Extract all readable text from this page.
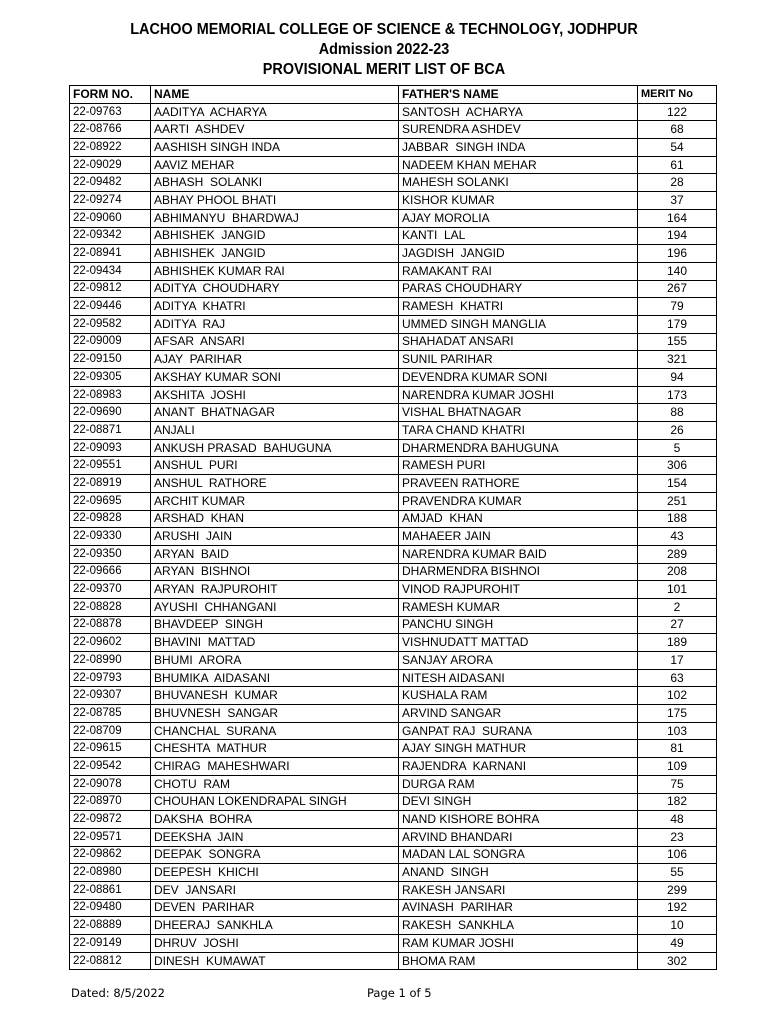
LACHOO MEMORIAL COLLEGE OF SCIENCE & TECHNOLOGY, JODHPUR
Admission 2022-23
PROVISIONAL MERIT LIST OF BCA
FORM NO.	NAME	FATHER'S NAME	MERIT No
22-09763	AADITYA  ACHARYA	SANTOSH  ACHARYA	122
22-08766	AARTI  ASHDEV	SURENDRA ASHDEV	68
22-08922	AASHISH SINGH INDA	JABBAR  SINGH INDA	54
22-09029	AAVIZ MEHAR	NADEEM KHAN MEHAR	61
22-09482	ABHASH  SOLANKI	MAHESH SOLANKI	28
22-09274	ABHAY PHOOL BHATI	KISHOR KUMAR	37
22-09060	ABHIMANYU  BHARDWAJ	AJAY MOROLIA	164
22-09342	ABHISHEK  JANGID	KANTI  LAL	194
22-08941	ABHISHEK  JANGID	JAGDISH  JANGID	196
22-09434	ABHISHEK KUMAR RAI	RAMAKANT RAI	140
22-09812	ADITYA  CHOUDHARY	PARAS CHOUDHARY	267
22-09446	ADITYA  KHATRI	RAMESH  KHATRI	79
22-09582	ADITYA  RAJ	UMMED SINGH MANGLIA	179
22-09009	AFSAR  ANSARI	SHAHADAT ANSARI	155
22-09150	AJAY  PARIHAR	SUNIL PARIHAR	321
22-09305	AKSHAY KUMAR SONI	DEVENDRA KUMAR SONI	94
22-08983	AKSHITA  JOSHI	NARENDRA KUMAR JOSHI	173
22-09690	ANANT  BHATNAGAR	VISHAL BHATNAGAR	88
22-08871	ANJALI	TARA CHAND KHATRI	26
22-09093	ANKUSH PRASAD  BAHUGUNA	DHARMENDRA BAHUGUNA	5
22-09551	ANSHUL  PURI	RAMESH PURI	306
22-08919	ANSHUL  RATHORE	PRAVEEN RATHORE	154
22-09695	ARCHIT KUMAR	PRAVENDRA KUMAR	251
22-09828	ARSHAD  KHAN	AMJAD  KHAN	188
22-09330	ARUSHI  JAIN	MAHAEER JAIN	43
22-09350	ARYAN  BAID	NARENDRA KUMAR BAID	289
22-09666	ARYAN  BISHNOI	DHARMENDRA BISHNOI	208
22-09370	ARYAN  RAJPUROHIT	VINOD RAJPUROHIT	101
22-08828	AYUSHI  CHHANGANI	RAMESH KUMAR	2
22-08878	BHAVDEEP  SINGH	PANCHU SINGH	27
22-09602	BHAVINI  MATTAD	VISHNUDATT MATTAD	189
22-08990	BHUMI  ARORA	SANJAY ARORA	17
22-09793	BHUMIKA  AIDASANI	NITESH AIDASANI	63
22-09307	BHUVANESH  KUMAR	KUSHALA RAM	102
22-08785	BHUVNESH  SANGAR	ARVIND SANGAR	175
22-08709	CHANCHAL  SURANA	GANPAT RAJ  SURANA	103
22-09615	CHESHTA  MATHUR	AJAY SINGH MATHUR	81
22-09542	CHIRAG  MAHESHWARI	RAJENDRA  KARNANI	109
22-09078	CHOTU  RAM	DURGA RAM	75
22-08970	CHOUHAN LOKENDRAPAL SINGH	DEVI SINGH	182
22-09872	DAKSHA  BOHRA	NAND KISHORE BOHRA	48
22-09571	DEEKSHA  JAIN	ARVIND BHANDARI	23
22-09862	DEEPAK  SONGRA	MADAN LAL SONGRA	106
22-08980	DEEPESH  KHICHI	ANAND  SINGH	55
22-08861	DEV  JANSARI	RAKESH JANSARI	299
22-09480	DEVEN  PARIHAR	AVINASH  PARIHAR	192
22-08889	DHEERAJ  SANKHLA	RAKESH  SANKHLA	10
22-09149	DHRUV  JOSHI	RAM KUMAR JOSHI	49
22-08812	DINESH  KUMAWAT	BHOMA RAM	302
Dated: 8/5/2022	Page 1 of 5
